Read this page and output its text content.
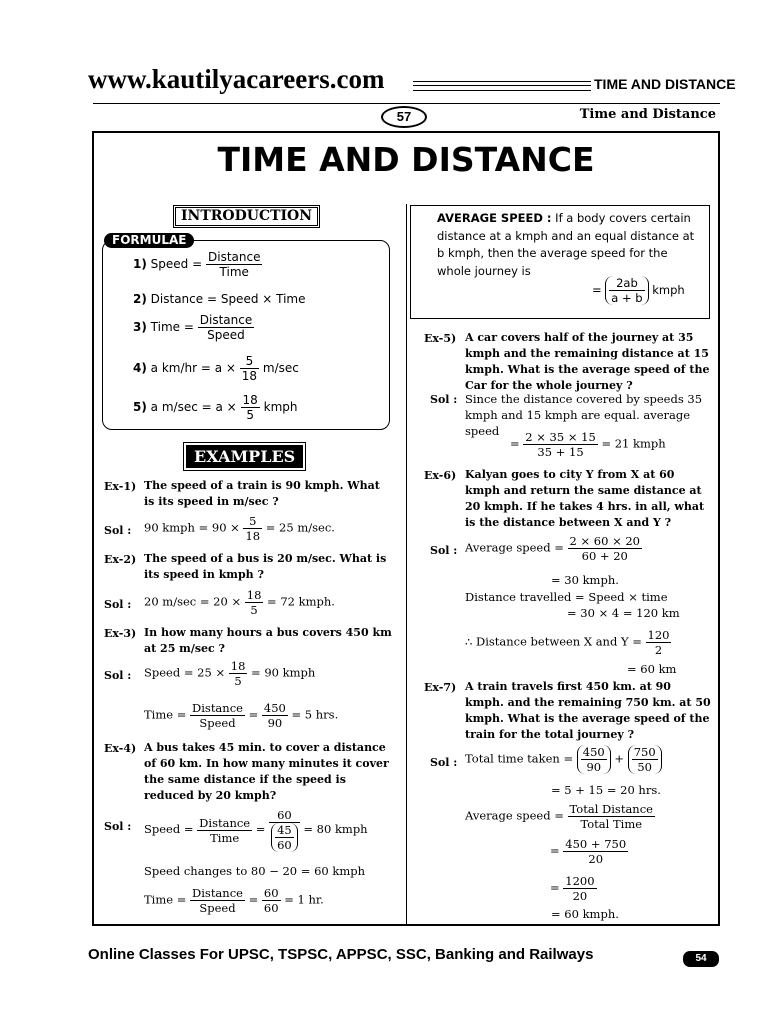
www.kautilyacareers.com	TIME AND DISTANCE
57	Time and Distance
TIME AND DISTANCE
INTRODUCTION
FORMULAE
1) Speed = $\frac{\text{Distance}}{\text{Time}}$
2) Distance = Speed × Time
3) Time = $\frac{\text{Distance}}{\text{Speed}}$
4) a $km/hr = a \times \frac{5}{18} m/\sec$
5) a $m/\sec = a \times \frac{18}{5}$ kmph
EXAMPLES
Ex-1) The speed of a train is 90 kmph. What is its speed in m/sec ?
Sol : 90 kmph = $90 \times \frac{5}{18} = 25$ m/sec.
Ex-2) The speed of a bus is 20 m/sec. What is its speed in kmph ?
Sol : 20 $m/\sec = 20 \times \frac{18}{5} = 72$ kmph.
Ex-3) In how many hours a bus covers 450 km at 25 m/sec ?
Sol : Speed = $25 \times \frac{18}{5} = 90$ kmph
Time = $\frac{\text{Distance}}{\text{Speed}} = \frac{450}{90} = 5$ hrs.
Ex-4) A bus takes 45 min. to cover a distance of 60 km. In how many minutes it cover the same distance if the speed is reduced by 20 kmph?
Sol : Speed = $\frac{\text{Distance}}{\text{Time}} = \frac{60}{\frac{45}{60}} = 80$ kmph
Speed changes to 80 − 20 = 60 kmph
Time = $\frac{\text{Distance}}{\text{Speed}} = \frac{60}{60} = 1$ hr.
AVERAGE SPEED : If a body covers certain distance at a kmph and an equal distance at b kmph, then the average speed for the whole journey is
= $\frac{2ab}{a + b}$ kmph
Ex-5) A car covers half of the journey at 35 kmph and the remaining distance at 15 kmph. What is the average speed of the Car for the whole journey ?
Sol : Since the distance covered by speeds 35 kmph and 15 kmph are equal. average speed
= $\frac{2 \times 35 \times 15}{35 + 15} = 21$ kmph
Ex-6) Kalyan goes to city Y from X at 60 kmph and return the same distance at 20 kmph. If he takes 4 hrs. in all, what is the distance between X and Y ?
Sol : Average speed = $\frac{2 \times 60 \times 20}{60 + 20}$
= 30 kmph.
Distance travelled = Speed × time
= 30 × 4 = 120 km
∴ Distance between X and $Y = \frac{120}{2}$
= 60 km
Ex-7) A train travels first 450 km. at 90 kmph. and the remaining 750 km. at 50 kmph. What is the average speed of the train for the total journey ?
Sol : Total time taken = $\frac{450}{90} + \frac{750}{50}$
= 5 + 15 = 20 hrs.
Average speed = $\frac{\text{Total Distance}}{\text{Total Time}}$
= $\frac{450 + 750}{20}$
= $\frac{1200}{20}$
= 60 kmph.
Online Classes For UPSC, TSPSC, APPSC, SSC, Banking and Railways	54
